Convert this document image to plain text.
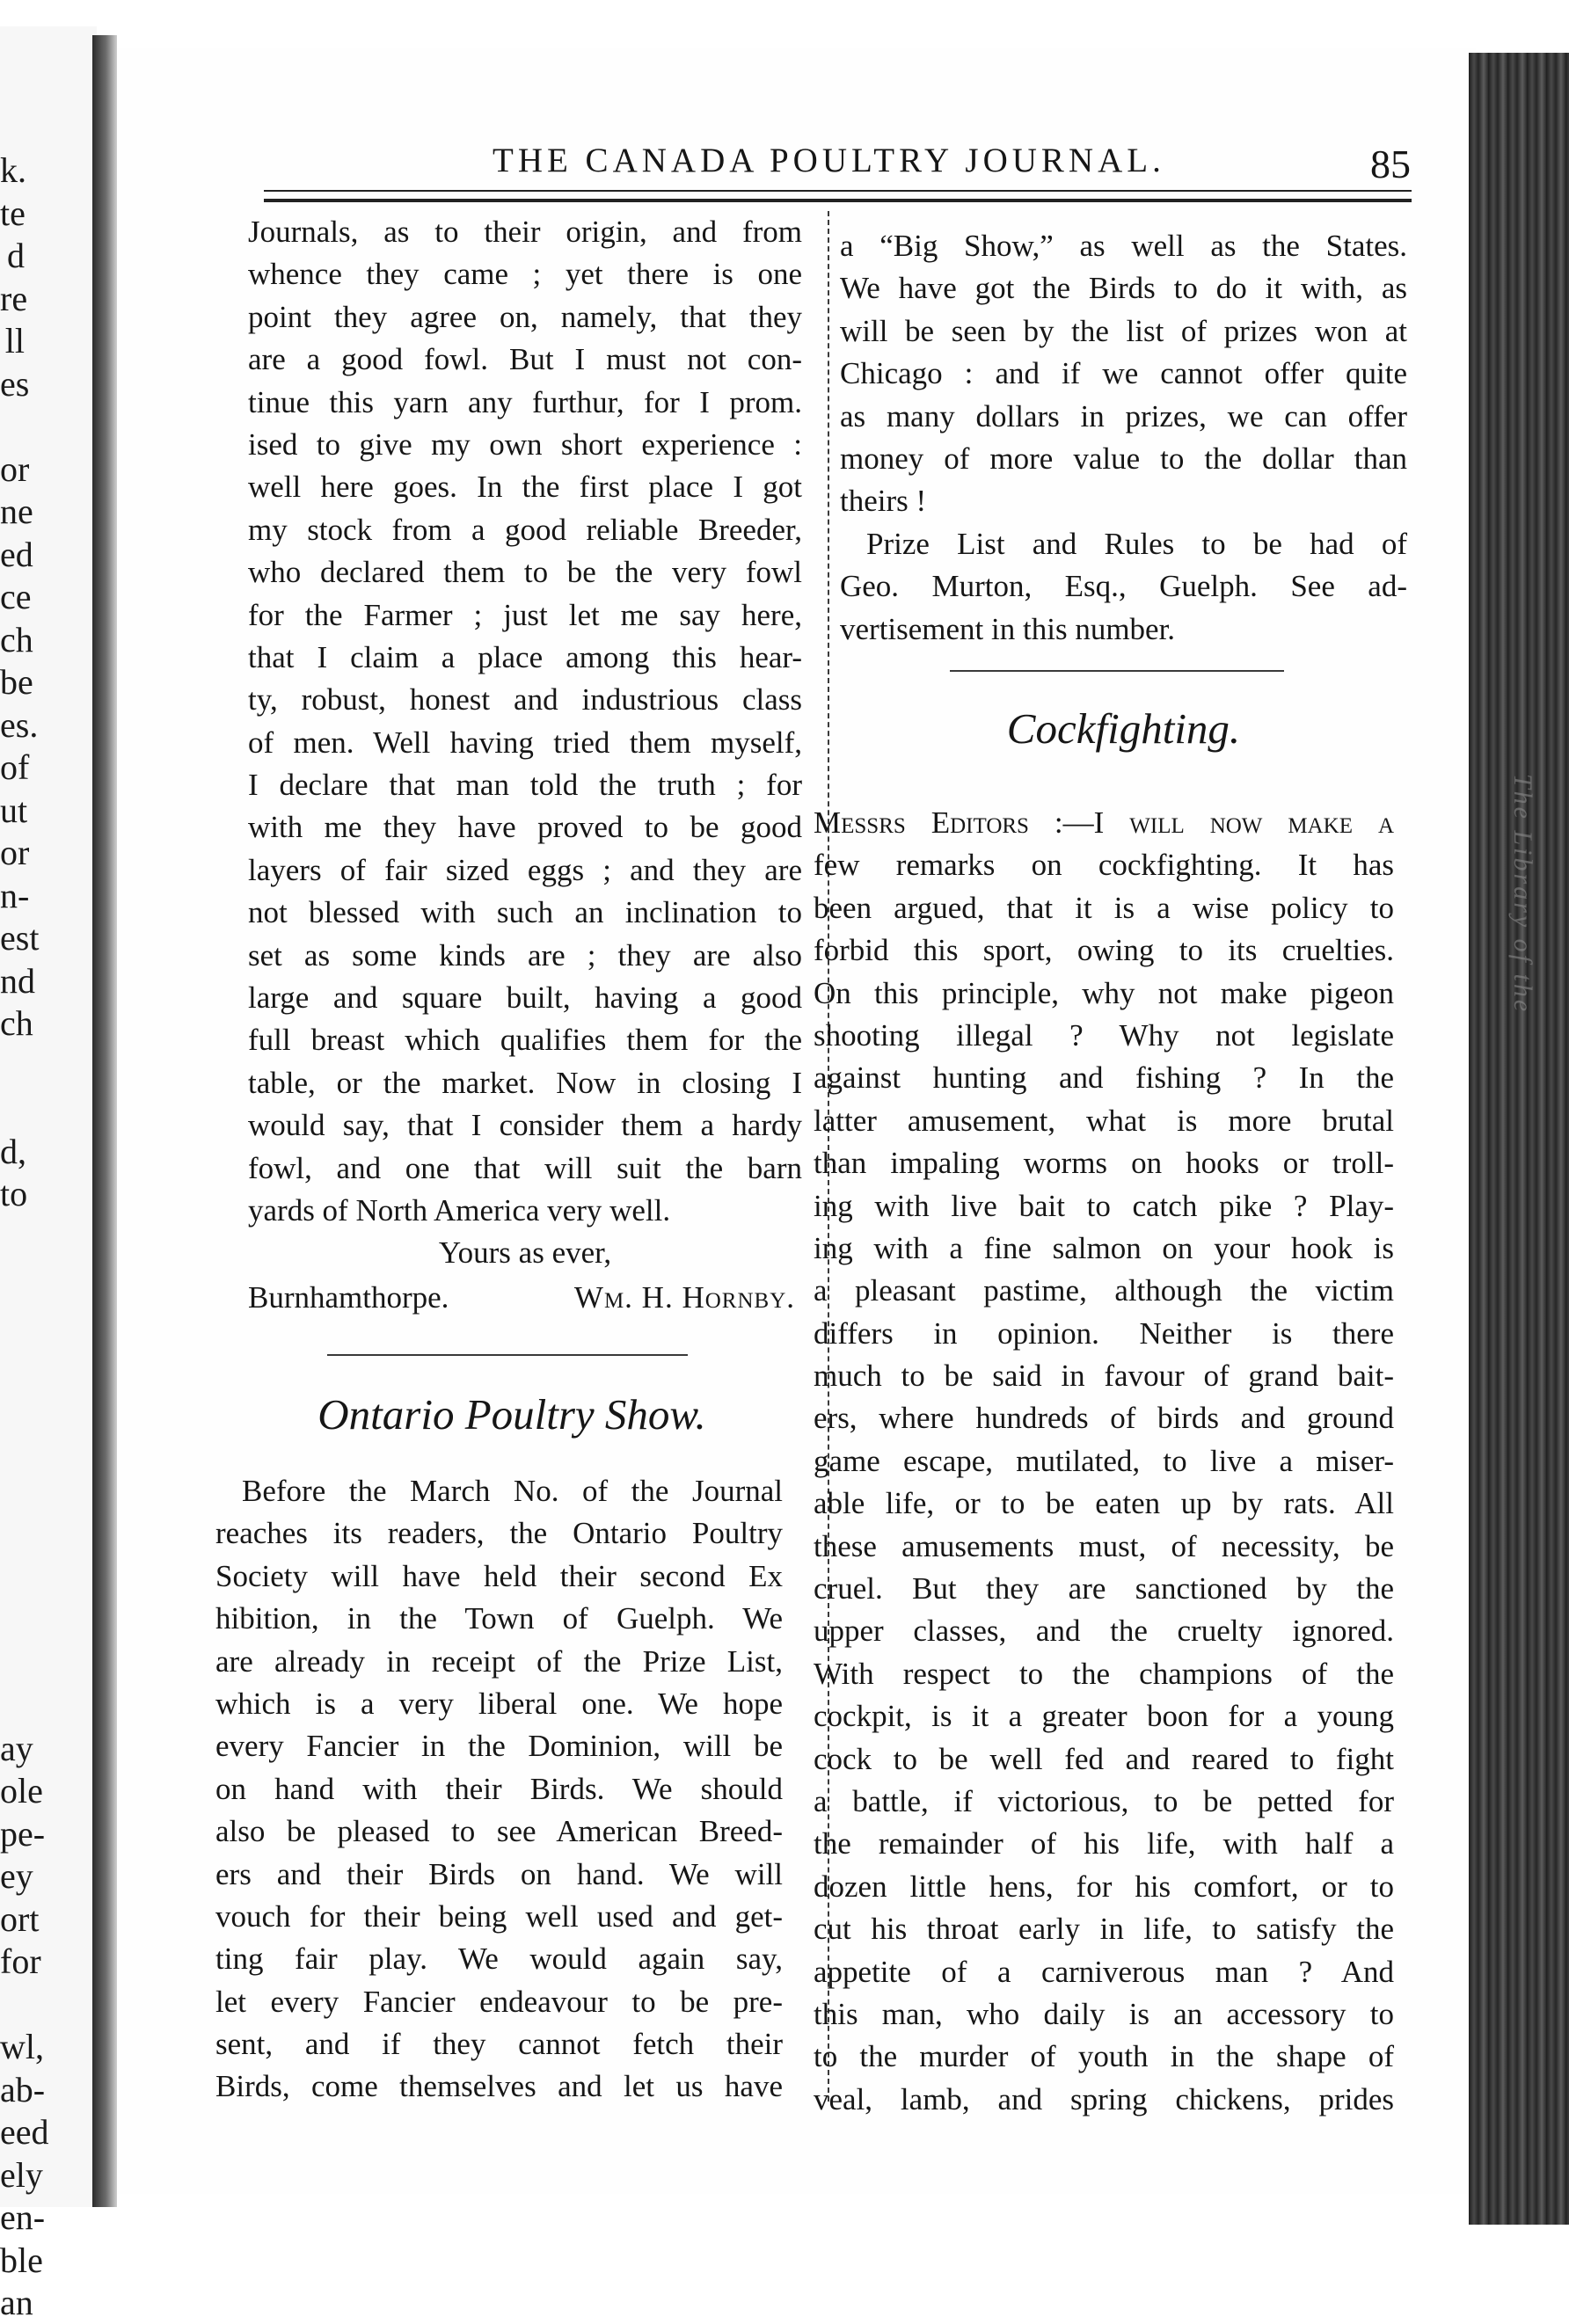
k.
te
d
re
ll
es
or
ne
ed
ce
ch
be
es.
of
ut
or
n-
est
nd
ch
d,
to
ay
ole
pe-
ey
ort
for
wl,
ab-
eed
ely
en-
ble
an
The Library of the
THE CANADA POULTRY JOURNAL.	85
Journals, as to their origin, and from
whence they came ; yet there is one
point they agree on, namely, that they
are a good fowl. But I must not con-
tinue this yarn any furthur, for I prom.
ised to give my own short experience :
well here goes. In the first place I got
my stock from a good reliable Breeder,
who declared them to be the very fowl
for the Farmer ; just let me say here,
that I claim a place among this hear-
ty, robust, honest and industrious class
of men. Well having tried them myself,
I declare that man told the truth ; for
with me they have proved to be good
layers of fair sized eggs ; and they are
not blessed with such an inclination to
set as some kinds are ; they are also
large and square built, having a good
full breast which qualifies them for the
table, or the market. Now in closing I
would say, that I consider them a hardy
fowl, and one that will suit the barn
yards of North America very well.
Yours as ever,
Burnhamthorpe.	Wm. H. Hornby.
Ontario Poultry Show.
Before the March No. of the Journal
reaches its readers, the Ontario Poultry
Society will have held their second Ex
hibition, in the Town of Guelph. We
are already in receipt of the Prize List,
which is a very liberal one. We hope
every Fancier in the Dominion, will be
on hand with their Birds. We should
also be pleased to see American Breed-
ers and their Birds on hand. We will
vouch for their being well used and get-
ting fair play. We would again say,
let every Fancier endeavour to be pre-
sent, and if they cannot fetch their
Birds, come themselves and let us have
a “Big Show,” as well as the States.
We have got the Birds to do it with, as
will be seen by the list of prizes won at
Chicago : and if we cannot offer quite
as many dollars in prizes, we can offer
money of more value to the dollar than
theirs !
Prize List and Rules to be had of
Geo. Murton, Esq., Guelph. See ad-
vertisement in this number.
Cockfighting.
Messrs Editors :—I will now make a
few remarks on cockfighting. It has
been argued, that it is a wise policy to
forbid this sport, owing to its cruelties.
On this principle, why not make pigeon
shooting illegal ? Why not legislate
against hunting and fishing ? In the
latter amusement, what is more brutal
than impaling worms on hooks or troll-
ing with live bait to catch pike ? Play-
ing with a fine salmon on your hook is
a pleasant pastime, although the victim
differs in opinion. Neither is there
much to be said in favour of grand bait-
ers, where hundreds of birds and ground
game escape, mutilated, to live a miser-
able life, or to be eaten up by rats. All
these amusements must, of necessity, be
cruel. But they are sanctioned by the
upper classes, and the cruelty ignored.
With respect to the champions of the
cockpit, is it a greater boon for a young
cock to be well fed and reared to fight
a battle, if victorious, to be petted for
the remainder of his life, with half a
dozen little hens, for his comfort, or to
cut his throat early in life, to satisfy the
appetite of a carniverous man ? And
this man, who daily is an accessory to
to the murder of youth in the shape of
veal, lamb, and spring chickens, prides
